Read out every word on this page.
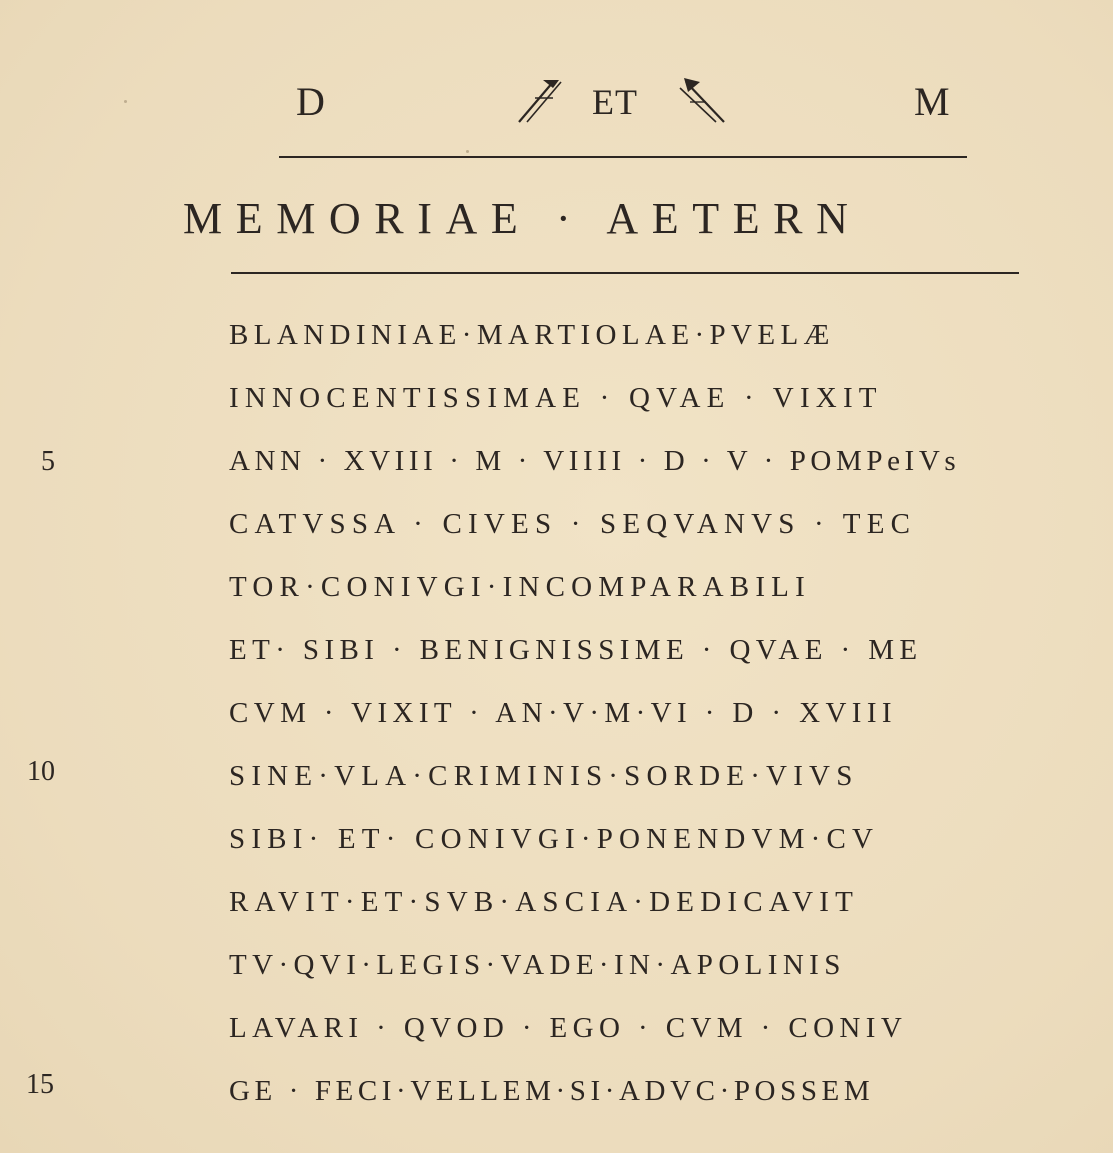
D	ET	M
MEMORIAE · AETERN
BLANDINIAE·MARTIOLAE·PVELÆ
INNOCENTISSIMAE · QVAE · VIXIT
ANN · XVIII · M · VIIII · D · V · POMPeIVs
CATVSSA · CIVES · SEQVANVS · TEC
TOR·CONIVGI·INCOMPARABILI
ET· SIBI · BENIGNISSIME · QVAE · ME
CVM · VIXIT · AN·V·M·VI · D · XVIII
SINE·VLA·CRIMINIS·SORDE·VIVS
SIBI· ET· CONIVGI·PONENDVM·CV
RAVIT·ET·SVB·ASCIA·DEDICAVIT
TV·QVI·LEGIS·VADE·IN·APOLINIS
LAVARI · QVOD · EGO · CVM · CONIV
GE · FECI·VELLEM·SI·ADVC·POSSEM
5
10
15
